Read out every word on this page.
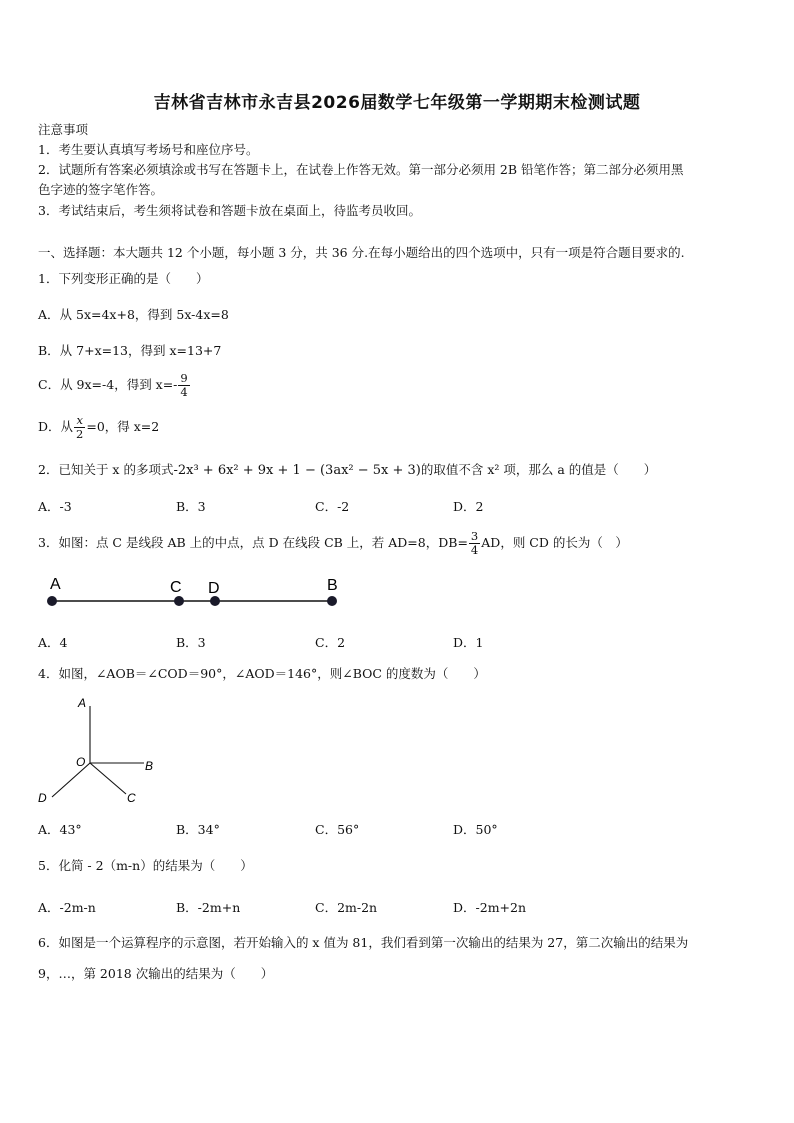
吉林省吉林市永吉县2026届数学七年级第一学期期末检测试题
注意事项
1．考生要认真填写考场号和座位序号。
2．试题所有答案必须填涂或书写在答题卡上，在试卷上作答无效。第一部分必须用 2B 铅笔作答；第二部分必须用黑
色字迹的签字笔作答。
3．考试结束后，考生须将试卷和答题卡放在桌面上，待监考员收回。
一、选择题：本大题共 12 个小题，每小题 3 分，共 36 分.在每小题给出的四个选项中，只有一项是符合题目要求的.
1．下列变形正确的是（　　）
A．从 5x=4x+8，得到 5x-4x=8
B．从 7+x=13，得到 x=13+7
C．从 9x=-4，得到 $x=- \frac{9}{4}$
D．从 $\frac{x}{2} =0$，得 x=2
2．已知关于 x 的多项式-2x³ + 6x² + 9x + 1 − (3ax² − 5x + 3)的取值不含 x² 项，那么 a 的值是（　　）
A．-3	B．3	C．-2	D．2
3．如图：点 C 是线段 AB 上的中点，点 D 在线段 CB 上，若 AD=8，$DB= \frac{3}{4}$ AD，则 CD 的长为（　）
A	C D	B
A．4	B．3	C．2	D．1
4．如图，∠AOB＝∠COD＝90°，∠AOD＝146°，则∠BOC 的度数为（　　）
A
O	B
D	C
A．43°	B．34°	C．56°	D．50°
5．化简 - 2（m-n）的结果为（　　）
A．-2m-n	B．-2m+n	C．2m-2n	D．-2m+2n
6．如图是一个运算程序的示意图，若开始输入的 x 值为 81，我们看到第一次输出的结果为 27，第二次输出的结果为
9，…，第 2018 次输出的结果为（　　）
